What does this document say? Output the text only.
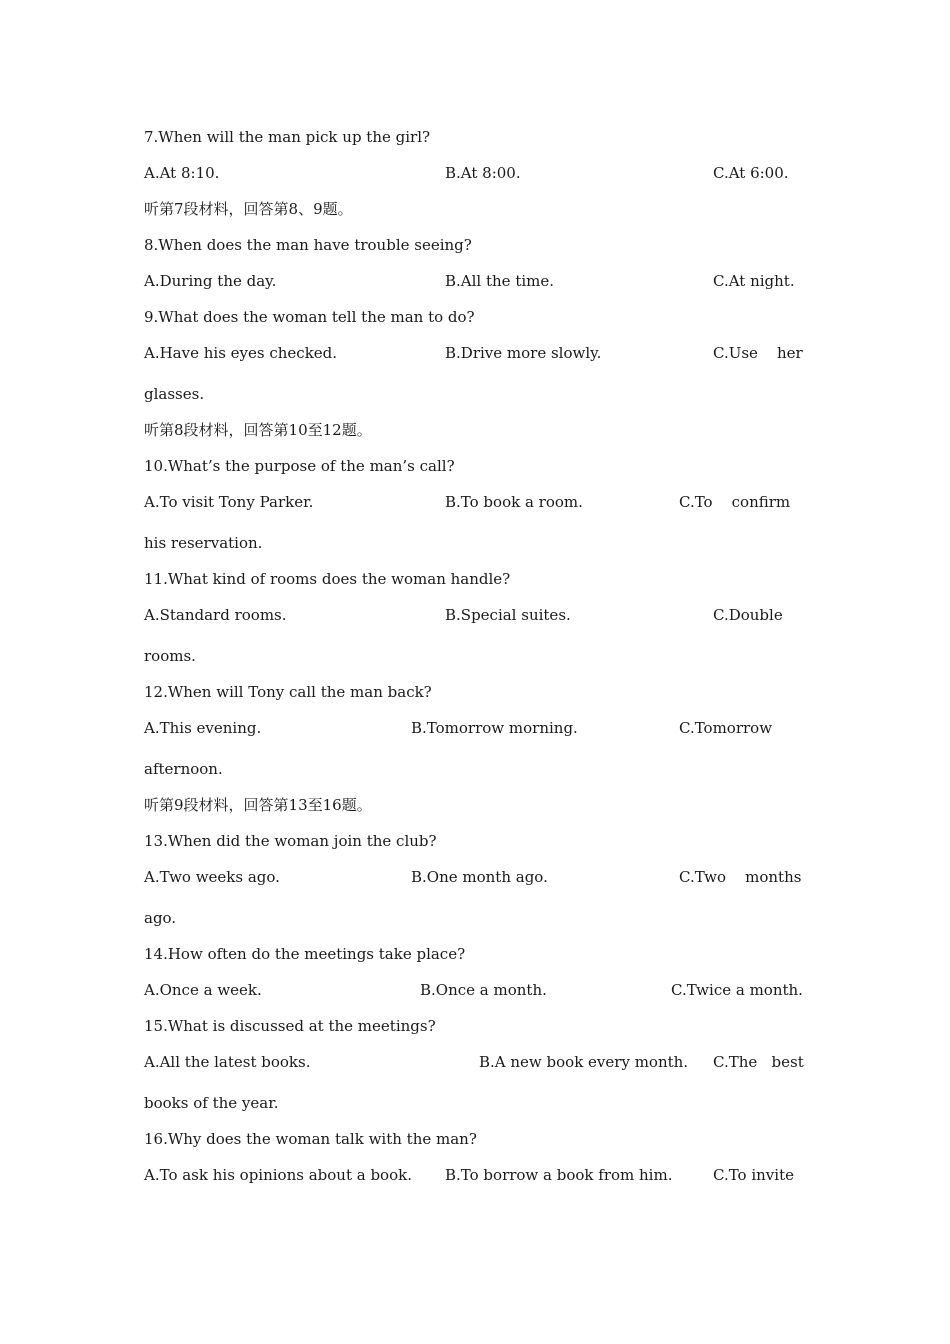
7.When will the man pick up the girl?
A.At 8:10.	B.At 8:00.	C.At 6:00.
听第7段材料，回答第8、9题。
8.When does the man have trouble seeing?
A.During the day.	B.All the time.	C.At night.
9.What does the woman tell the man to do?
A.Have his eyes checked.	B.Drive more slowly.	C.Use    her
glasses.
听第8段材料，回答第10至12题。
10.What’s the purpose of the man’s call?
A.To visit Tony Parker.	B.To book a room.	C.To    confirm
his reservation.
11.What kind of rooms does the woman handle?
A.Standard rooms.	B.Special suites.	C.Double
rooms.
12.When will Tony call the man back?
A.This evening.	B.Tomorrow morning.	C.Tomorrow
afternoon.
听第9段材料，回答第13至16题。
13.When did the woman join the club?
A.Two weeks ago.	B.One month ago.	C.Two    months
ago.
14.How often do the meetings take place?
A.Once a week.	B.Once a month.	C.Twice a month.
15.What is discussed at the meetings?
A.All the latest books.	B.A new book every month. C.The   best
books of the year.
16.Why does the woman talk with the man?
A.To ask his opinions about a book. B.To borrow a book from him.	C.To invite
